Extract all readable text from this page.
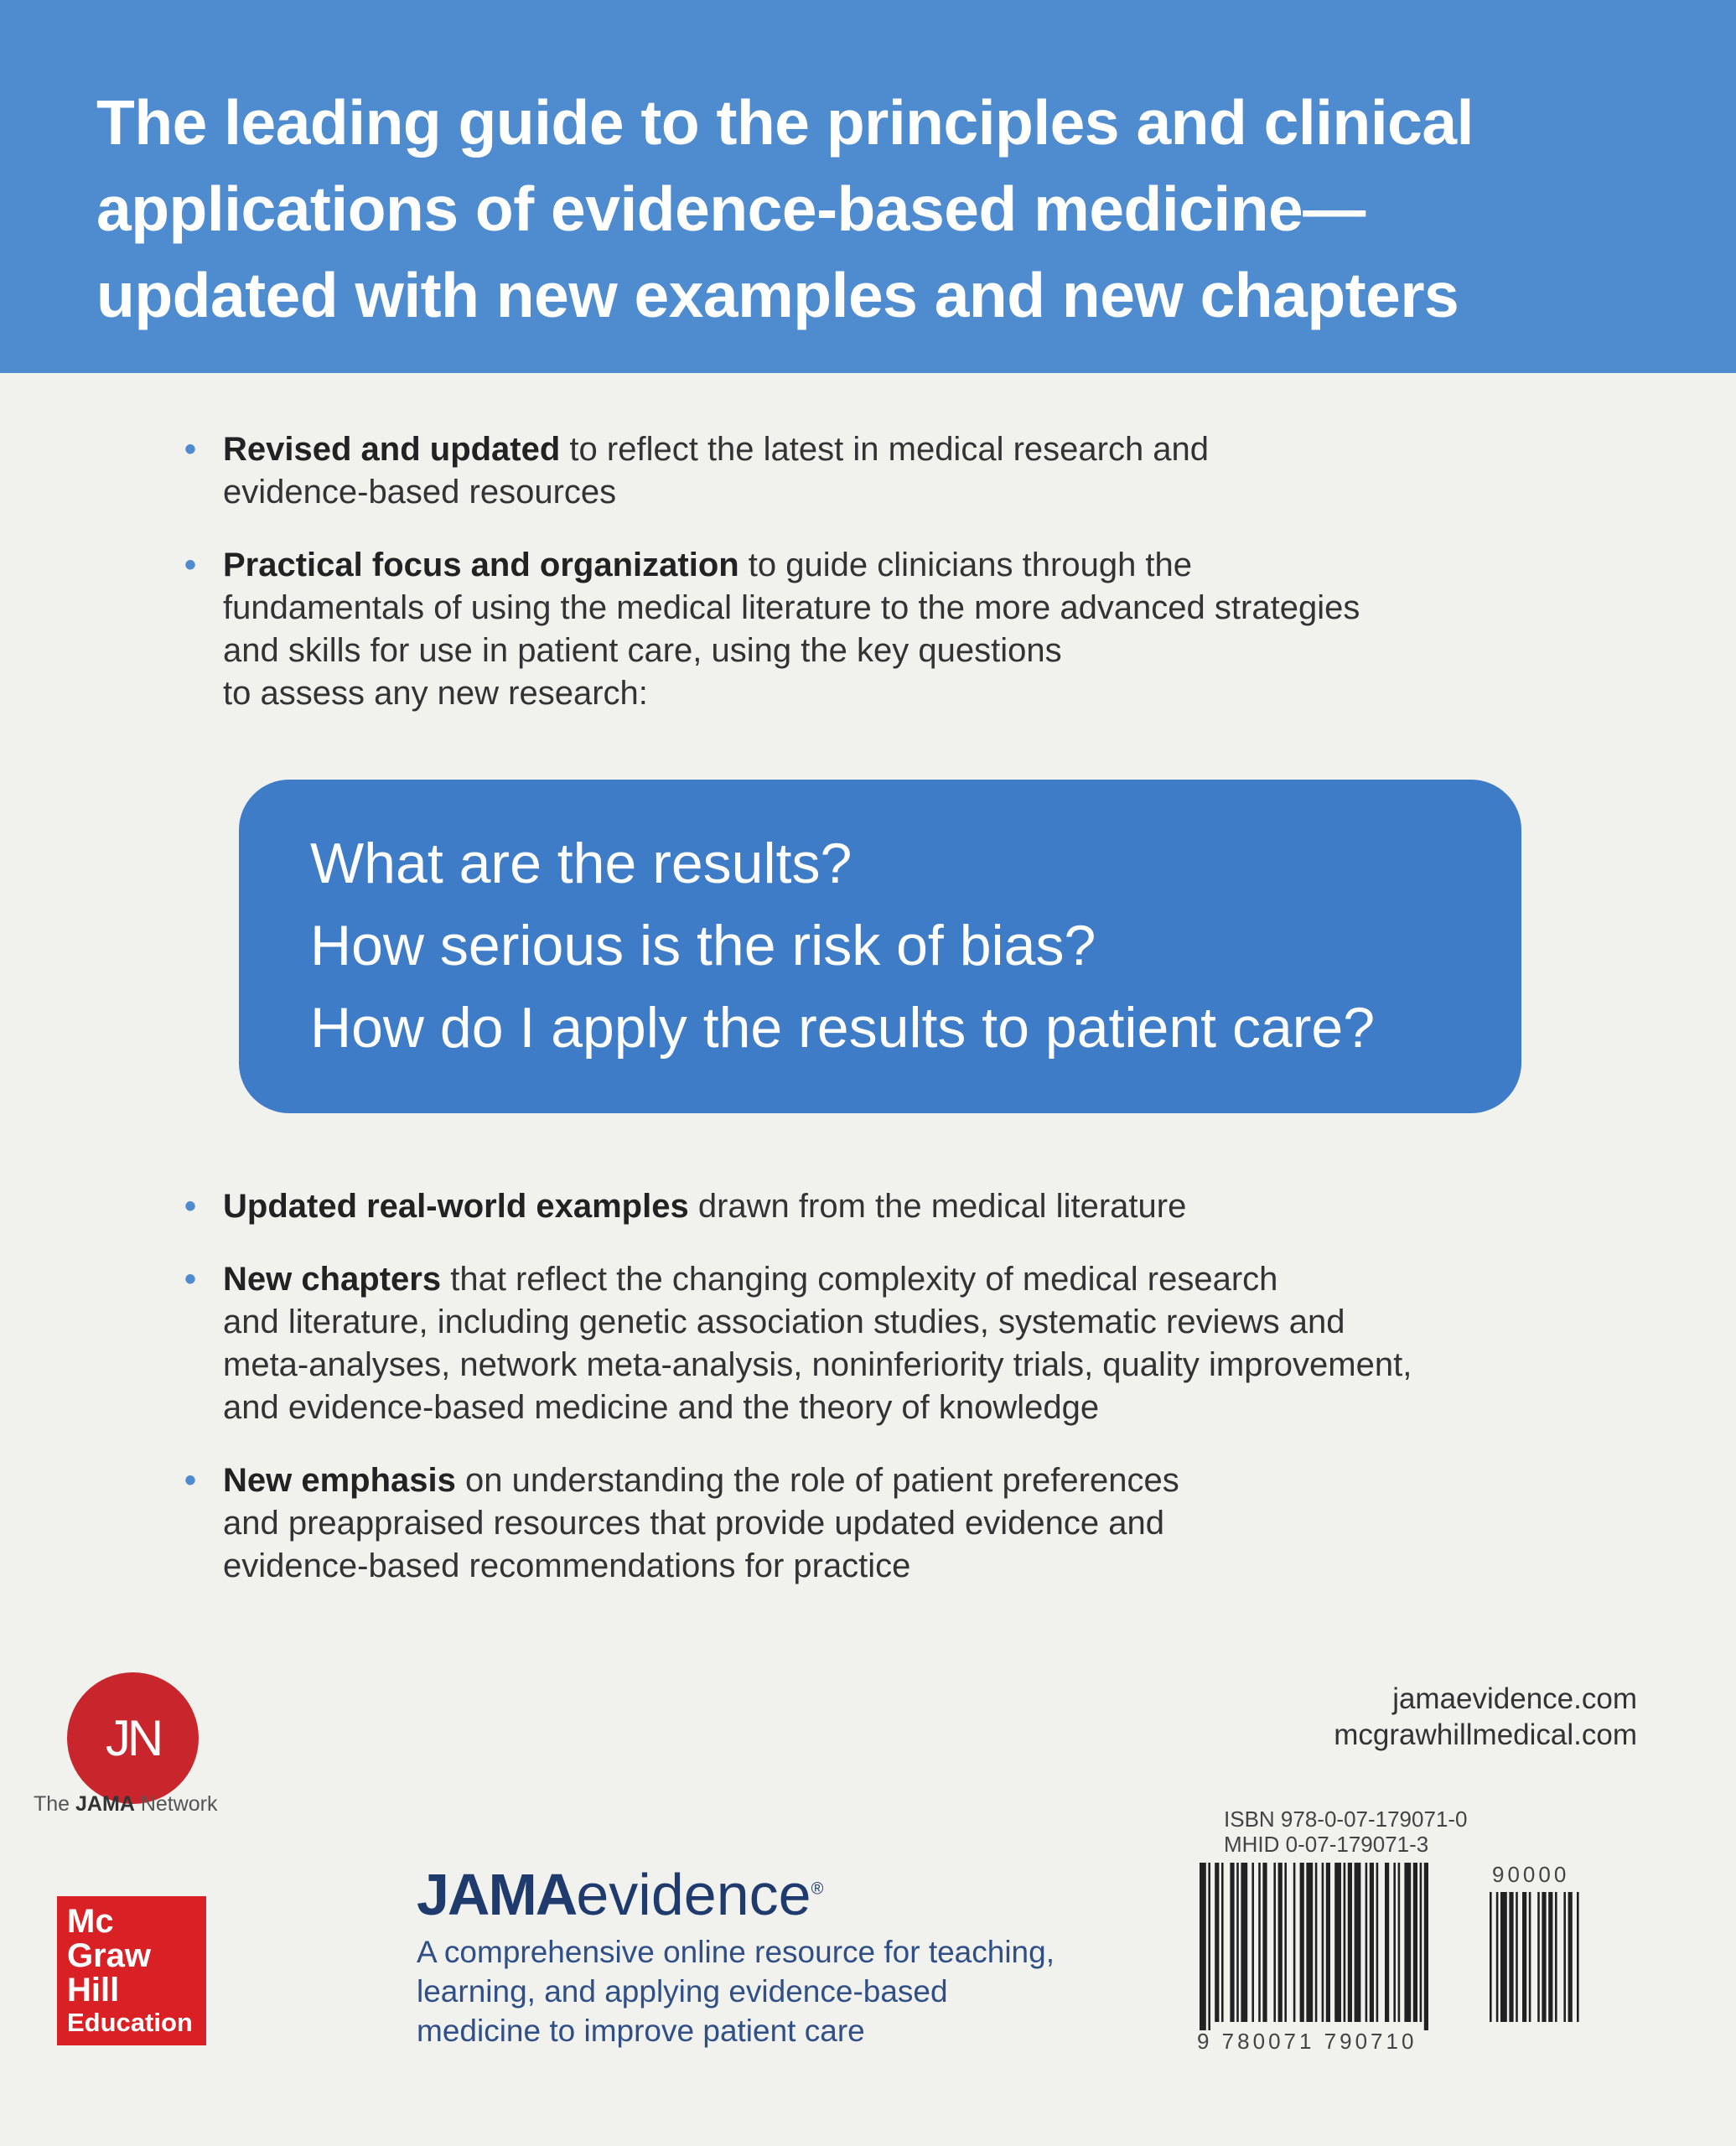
The leading guide to the principles and clinical
applications of evidence-based medicine—
updated with new examples and new chapters
• Revised and updated to reflect the latest in medical research and
evidence-based resources
• Practical focus and organization to guide clinicians through the
fundamentals of using the medical literature to the more advanced strategies
and skills for use in patient care, using the key questions
to assess any new research:
What are the results?
How serious is the risk of bias?
How do I apply the results to patient care?
• Updated real-world examples drawn from the medical literature
• New chapters that reflect the changing complexity of medical research
and literature, including genetic association studies, systematic reviews and
meta-analyses, network meta-analysis, noninferiority trials, quality improvement,
and evidence-based medicine and the theory of knowledge
• New emphasis on understanding the role of patient preferences
and preappraised resources that provide updated evidence and
evidence-based recommendations for practice
JN
The JAMA Network
Mc
Graw
Hill
Education
JAMAevidence®
A comprehensive online resource for teaching,
learning, and applying evidence-based
medicine to improve patient care
jamaevidence.com
mcgrawhillmedical.com
ISBN 978-0-07-179071-0
MHID 0-07-179071-3
90000
9 780071 790710
